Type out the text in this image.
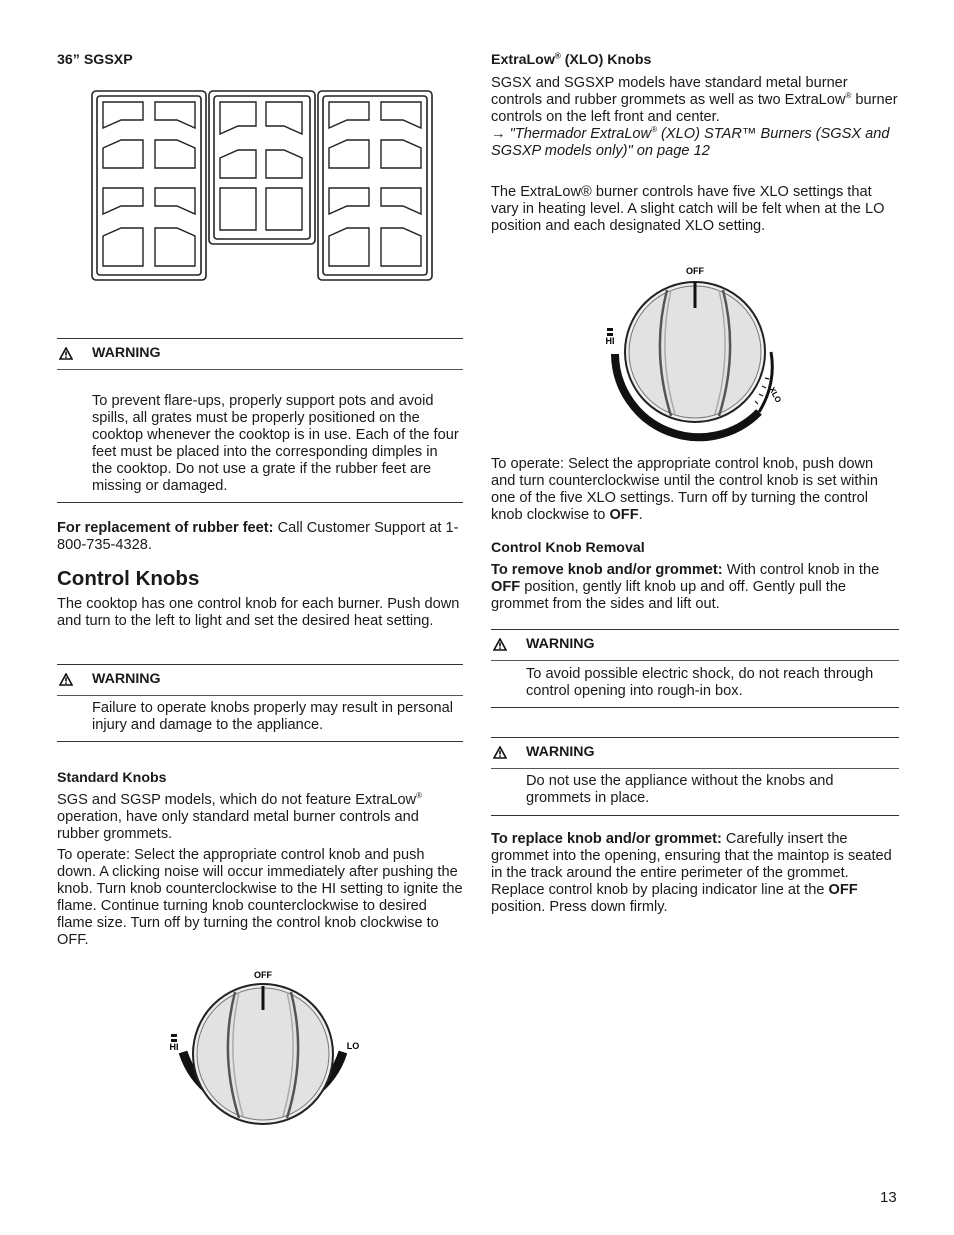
36” SGSXP
WARNING
To prevent flare-ups, properly support pots and avoid spills, all grates must be properly positioned on the cooktop whenever the cooktop is in use. Each of the four feet must be placed into the corresponding dimples in the cooktop. Do not use a grate if the rubber feet are missing or damaged.

For replacement of rubber feet: Call Customer Support at 1-800-735-4328.

Control Knobs

The cooktop has one control knob for each burner. Push down and turn to the left to light and set the desired heat setting.

WARNING
Failure to operate knobs properly may result in personal injury and damage to the appliance.
Standard Knobs

SGS and SGSP models, which do not feature ExtraLow® operation, have only standard metal burner controls and rubber grommets.

To operate: Select the appropriate control knob and push down. A clicking noise will occur immediately after pushing the knob. Turn knob counterclockwise to the HI setting to ignite the flame. Continue turning knob counterclockwise to desired flame size. Turn off by turning the control knob clockwise to OFF.

OFF
HI	LO
ExtraLow® (XLO) Knobs

SGSX and SGSXP models have standard metal burner controls and rubber grommets as well as two ExtraLow® burner controls on the left front and center.

→ "Thermador ExtraLow® (XLO) STAR™ Burners (SGSX and SGSXP models only)" on page 12

The ExtraLow® burner controls have five XLO settings that vary in heating level. A slight catch will be felt when at the LO position and each designated XLO setting.

OFF
HI
XLO

To operate: Select the appropriate control knob, push down and turn counterclockwise until the control knob is set within one of the five XLO settings. Turn off by turning the control knob clockwise to OFF.

Control Knob Removal

To remove knob and/or grommet: With control knob in the OFF position, gently lift knob up and off. Gently pull the grommet from the sides and lift out.

WARNING
To avoid possible electric shock, do not reach through control opening into rough-in box.
WARNING
Do not use the appliance without the knobs and grommets in place.

To replace knob and/or grommet: Carefully insert the grommet into the opening, ensuring that the maintop is seated in the track around the entire perimeter of the grommet. Replace control knob by placing indicator line at the OFF position. Press down firmly.

13
